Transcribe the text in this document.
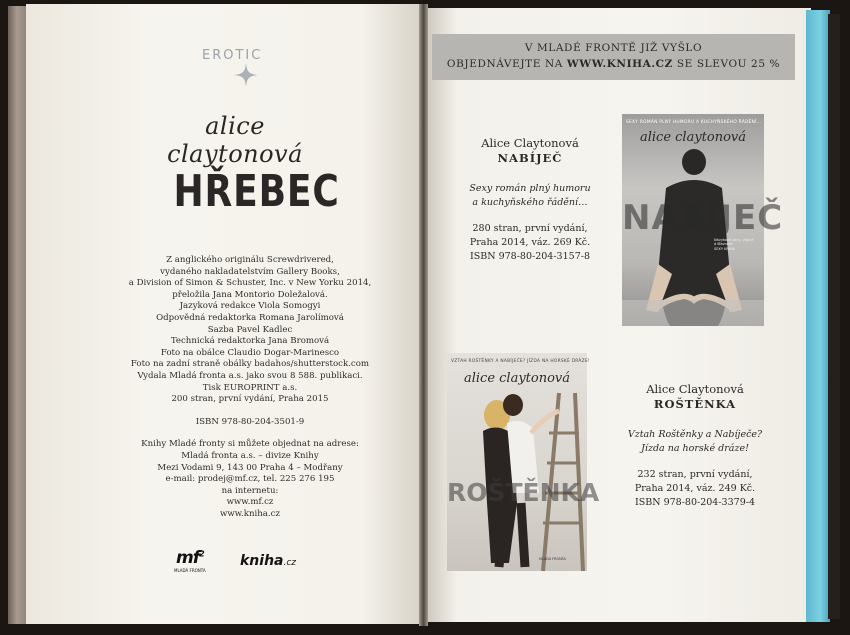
EROTIC
alice claytonová
HŘEBEC

Z anglického originálu Screwdrivered,

vydaného nakladatelstvím Gallery Books,

a Division of Simon & Schuster, Inc. v New Yorku 2014,

přeložila Jana Montorio Doležalová.

Jazyková redakce Viola Somogyi

Odpovědná redaktorka Romana Jarolímová

Sazba Pavel Kadlec

Technická redaktorka Jana Bromová

Foto na obálce Claudio Dogar-Marinesco

Foto na zadní straně obálky badahos/shutterstock.com

Vydala Mladá fronta a.s. jako svou 8 588. publikaci.

Tisk EUROPRINT a.s.

200 stran, první vydání, Praha 2015

ISBN 978-80-204-3501-9

Knihy Mladé fronty si můžete objednat na adrese:

Mladá fronta a.s. – divize Knihy

Mezi Vodami 9, 143 00 Praha 4 – Modřany

e-mail: prodej@mf.cz, tel. 225 276 195

na internetu:

www.mf.cz

www.kniha.cz

$mf^2$
MLADÁ FRONTA
kniha.cz
V MLADÉ FRONTĚ JIŽ VYŠLO
OBJEDNÁVEJTE NA WWW.KNIHA.CZ SE SLEVOU 25 %
Alice Claytonová
NABÍJEČ
Sexy román plný humoru
a kuchyňského řádění…
280 stran, první vydání,
Praha 2014, váz. 269 Kč.
ISBN 978-80-204-3157-8
SEXY ROMÁN PLNÝ HUMORU A KUCHYŇSKÉHO ŘÁDĚNÍ…
alice claytonová
NABÍJEČ
Návykově sexy, vtipné
a šťavnaté
SEXY KNIHA
VZTAH ROŠTĚNKY A NABÍJEČE? JÍZDA NA HORSKÉ DRÁZE!
alice claytonová
ROŠTĚNKA
MLADÁ FRONTA
Alice Claytonová
ROŠTĚNKA
Vztah Roštěnky a Nabíječe?
Jízda na horské dráze!
232 stran, první vydání,
Praha 2014, váz. 249 Kč.
ISBN 978-80-204-3379-4
